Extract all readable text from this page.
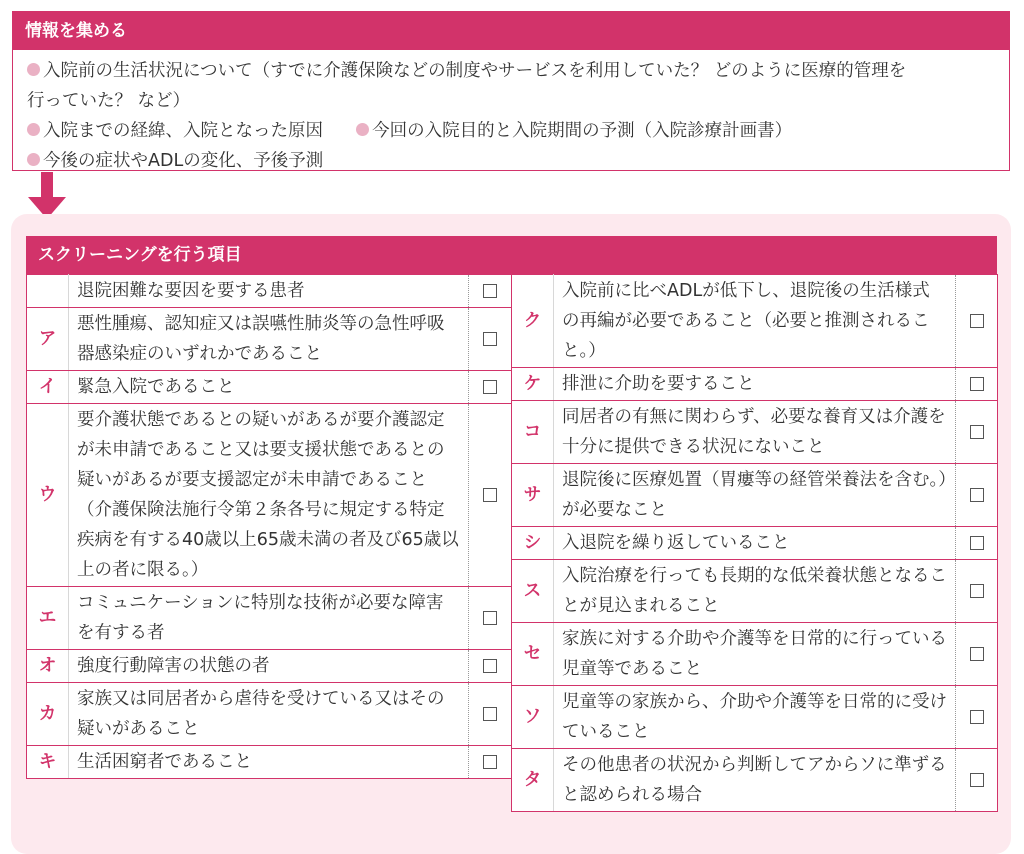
情報を集める
入院前の生活状況について（すでに介護保険などの制度やサービスを利用していた？ どのように医療的管理を
行っていた？ など）
入院までの経緯、入院となった原因	今回の入院目的と入院期間の予測（入院診療計画書）
今後の症状やADLの変化、予後予測
スクリーニングを行う項目
	退院困難な要因を要する患者	
ア	悪性腫瘍、認知症又は誤嚥性肺炎等の急性呼吸器感染症のいずれかであること	
イ	緊急入院であること	
ウ	要介護状態であるとの疑いがあるが要介護認定が未申請であること又は要支援状態であるとの疑いがあるが要支援認定が未申請であること（介護保険法施行令第２条各号に規定する特定疾病を有する40歳以上65歳未満の者及び65歳以上の者に限る。）	
エ	コミュニケーションに特別な技術が必要な障害を有する者	
オ	強度行動障害の状態の者	
カ	家族又は同居者から虐待を受けている又はその疑いがあること	
キ	生活困窮者であること	
ク	入院前に比べADLが低下し、退院後の生活様式の再編が必要であること（必要と推測されること。）	
ケ	排泄に介助を要すること	
コ	同居者の有無に関わらず、必要な養育又は介護を十分に提供できる状況にないこと	
サ	退院後に医療処置（胃瘻等の経管栄養法を含む。）が必要なこと	
シ	入退院を繰り返していること	
ス	入院治療を行っても長期的な低栄養状態となることが見込まれること	
セ	家族に対する介助や介護等を日常的に行っている児童等であること	
ソ	児童等の家族から、介助や介護等を日常的に受けていること	
タ	その他患者の状況から判断してアからソに準ずると認められる場合	
